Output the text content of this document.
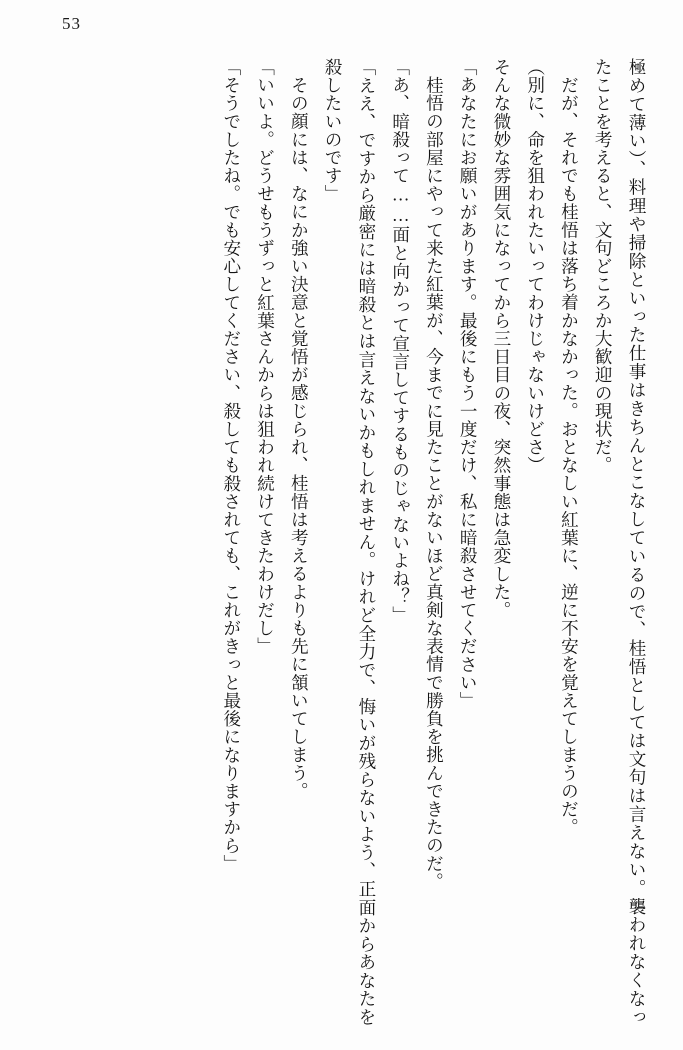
53

極めて薄い）、料理や掃除といった仕事はきちんとこなしているので、桂悟としては文句は言えない。襲われなくなったことを考えると、文句どころか大歓迎の現状だ。

だが、それでも桂悟は落ち着かなかった。おとなしい紅葉に、逆に不安を覚えてしまうのだ。

（別に、命を狙われたいってわけじゃないけどさ）

そんな微妙な雰囲気になってから三日目の夜、突然事態は急変した。

「あなたにお願いがあります。最後にもう一度だけ、私に暗殺させてください」

桂悟の部屋にやって来た紅葉が、今までに見たことがないほど真剣な表情で勝負を挑んできたのだ。

「あ、暗殺って……面と向かって宣言してするものじゃないよね？」

「ええ、ですから厳密には暗殺とは言えないかもしれません。けれど全力で、悔いが残らないよう、正面からあなたを殺したいのです」

その顔には、なにか強い決意と覚悟が感じられ、桂悟は考えるよりも先に頷いてしまう。

「いいよ。どうせもうずっと紅葉さんからは狙われ続けてきたわけだし」

「そうでしたね。でも安心してください、殺しても殺されても、これがきっと最後になりますから」
